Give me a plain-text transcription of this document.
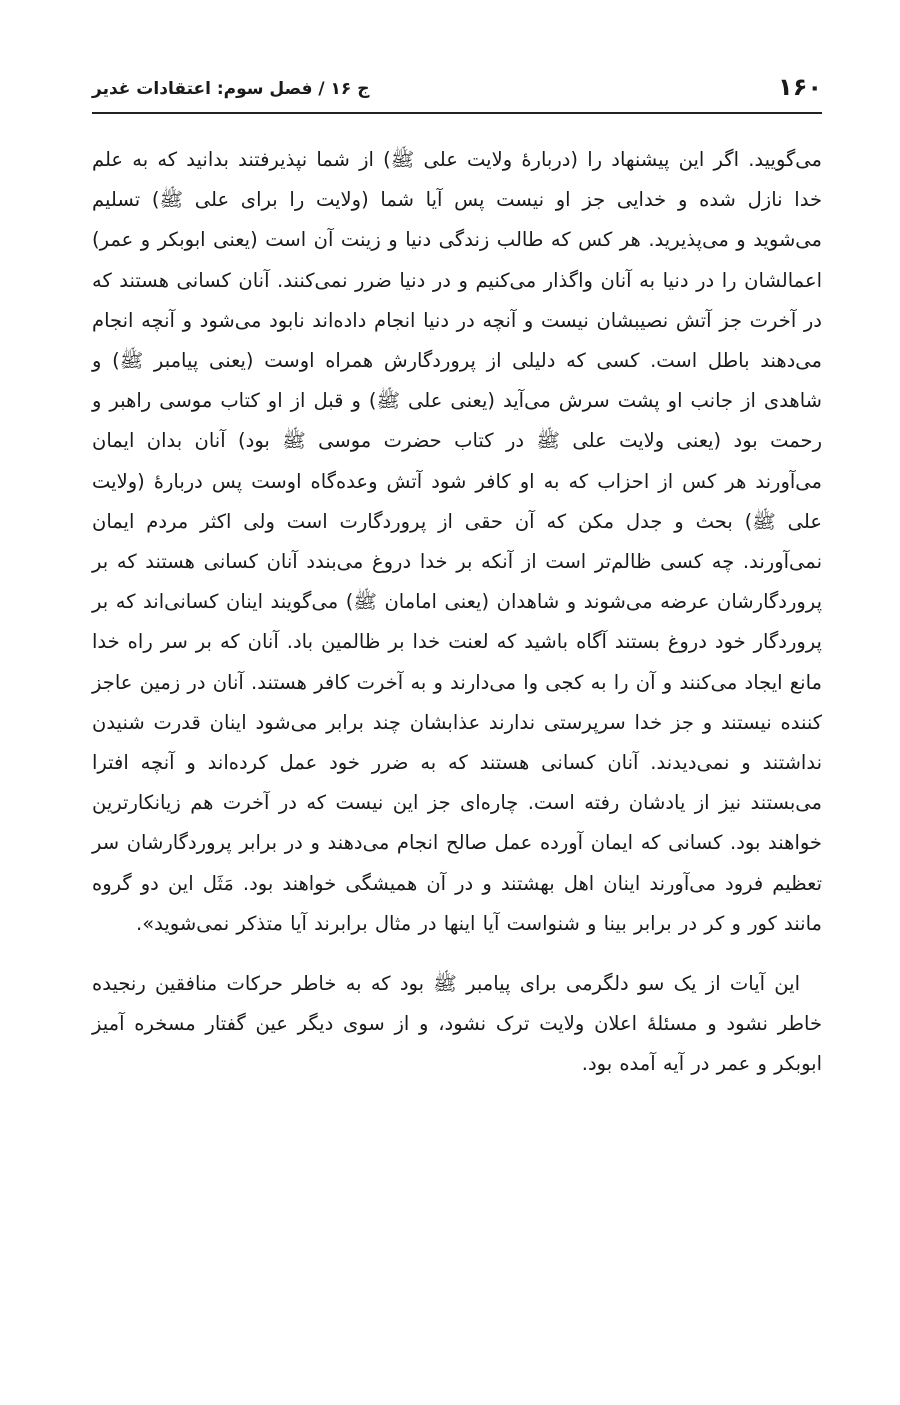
۱۶۰
ج ۱۶ / فصل سوم: اعتقادات غدیر

می‌گویید. اگر این پیشنهاد را (دربارهٔ ولایت علی ﷺ) از شما نپذیرفتند بدانید که به علم خدا نازل شده و خدایی جز او نیست پس آیا شما (ولایت را برای علی ﷺ) تسلیم می‌شوید و می‌پذیرید. هر کس که طالب زندگی دنیا و زینت آن است (یعنی ابوبکر و عمر) اعمالشان را در دنیا به آنان واگذار می‌کنیم و در دنیا ضرر نمی‌کنند. آنان کسانی هستند که در آخرت جز آتش نصیبشان نیست و آنچه در دنیا انجام داده‌اند نابود می‌شود و آنچه انجام می‌دهند باطل است. کسی که دلیلی از پروردگارش همراه اوست (یعنی پیامبر ﷺ) و شاهدی از جانب او پشت سرش می‌آید (یعنی علی ﷺ) و قبل از او کتاب موسی راهبر و رحمت بود (یعنی ولایت علی ﷺ در کتاب حضرت موسی ﷺ بود) آنان بدان ایمان می‌آورند هر کس از احزاب که به او کافر شود آتش وعده‌گاه اوست پس دربارهٔ (ولایت علی ﷺ) بحث و جدل مکن که آن حقی از پروردگارت است ولی اکثر مردم ایمان نمی‌آورند. چه کسی ظالم‌تر است از آنکه بر خدا دروغ می‌بندد آنان کسانی هستند که بر پروردگارشان عرضه می‌شوند و شاهدان (یعنی امامان ﷺ) می‌گویند اینان کسانی‌اند که بر پروردگار خود دروغ بستند آگاه باشید که لعنت خدا بر ظالمین باد. آنان که بر سر راه خدا مانع ایجاد می‌کنند و آن را به کجی وا می‌دارند و به آخرت کافر هستند. آنان در زمین عاجز کننده نیستند و جز خدا سرپرستی ندارند عذابشان چند برابر می‌شود اینان قدرت شنیدن نداشتند و نمی‌دیدند. آنان کسانی هستند که به ضرر خود عمل کرده‌اند و آنچه افترا می‌بستند نیز از یادشان رفته است. چاره‌ای جز این نیست که در آخرت هم زیانکارترین خواهند بود. کسانی که ایمان آورده عمل صالح انجام می‌دهند و در برابر پروردگارشان سر تعظیم فرود می‌آورند اینان اهل بهشتند و در آن همیشگی خواهند بود. مَثَل این دو گروه مانند کور و کر در برابر بینا و شنواست آیا اینها در مثال برابرند آیا متذکر نمی‌شوید».

این آیات از یک سو دلگرمی برای پیامبر ﷺ بود که به خاطر حرکات منافقین رنجیده خاطر نشود و مسئلهٔ اعلان ولایت ترک نشود، و از سوی دیگر عین گفتار مسخره آمیز ابوبکر و عمر در آیه آمده بود.
